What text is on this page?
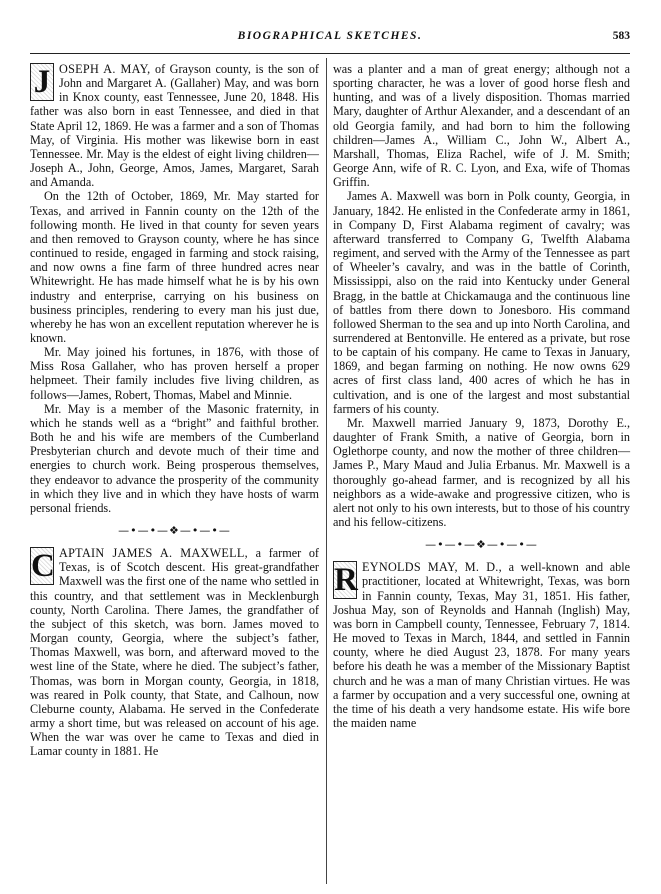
BIOGRAPHICAL SKETCHES.	583

J OSEPH A. MAY, of Grayson county, is the son of John and Margaret A. (Gallaher) May, and was born in Knox county, east Tennessee, June 20, 1848. His father was also born in east Tennessee, and died in that State April 12, 1869. He was a farmer and a son of Thomas May, of Virginia. His mother was likewise born in east Tennessee. Mr. May is the eldest of eight living children—Joseph A., John, George, Amos, James, Margaret, Sarah and Amanda.

On the 12th of October, 1869, Mr. May started for Texas, and arrived in Fannin county on the 12th of the following month. He lived in that county for seven years and then removed to Grayson county, where he has since continued to reside, engaged in farming and stock raising, and now owns a fine farm of three hundred acres near Whitewright. He has made himself what he is by his own industry and enterprise, carrying on his business on business principles, rendering to every man his just due, whereby he has won an excellent reputation wherever he is known.

Mr. May joined his fortunes, in 1876, with those of Miss Rosa Gallaher, who has proven herself a proper helpmeet. Their family includes five living children, as follows—James, Robert, Thomas, Mabel and Minnie.

Mr. May is a member of the Masonic fraternity, in which he stands well as a “bright” and faithful brother. Both he and his wife are members of the Cumberland Presbyterian church and devote much of their time and energies to church work. Being prosperous themselves, they endeavor to advance the prosperity of the community in which they live and in which they have hosts of warm personal friends.

—•—•—❖—•—•—

C APTAIN JAMES A. MAXWELL, a farmer of Texas, is of Scotch descent. His great-grandfather Maxwell was the first one of the name who settled in this country, and that settlement was in Mecklenburgh county, North Carolina. There James, the grandfather of the subject of this sketch, was born. James moved to Morgan county, Georgia, where the subject’s father, Thomas Maxwell, was born, and afterward moved to the west line of the State, where he died. The subject’s father, Thomas, was born in Morgan county, Georgia, in 1818, was reared in Polk county, that State, and Calhoun, now Cleburne county, Alabama. He served in the Confederate army a short time, but was released on account of his age. When the war was over he came to Texas and died in Lamar county in 1881. He

was a planter and a man of great energy; although not a sporting character, he was a lover of good horse flesh and hunting, and was of a lively disposition. Thomas married Mary, daughter of Arthur Alexander, and a descendant of an old Georgia family, and had born to him the following children—James A., William C., John W., Albert A., Marshall, Thomas, Eliza Rachel, wife of J. M. Smith; George Ann, wife of R. C. Lyon, and Exa, wife of Thomas Griffin.

James A. Maxwell was born in Polk county, Georgia, in January, 1842. He enlisted in the Confederate army in 1861, in Company D, First Alabama regiment of cavalry; was afterward transferred to Company G, Twelfth Alabama regiment, and served with the Army of the Tennessee as part of Wheeler’s cavalry, and was in the battle of Corinth, Mississippi, also on the raid into Kentucky under General Bragg, in the battle at Chickamauga and the continuous line of battles from there down to Jonesboro. His command followed Sherman to the sea and up into North Carolina, and surrendered at Bentonville. He entered as a private, but rose to be captain of his company. He came to Texas in January, 1869, and began farming on nothing. He now owns 629 acres of first class land, 400 acres of which he has in cultivation, and is one of the largest and most substantial farmers of his county.

Mr. Maxwell married January 9, 1873, Dorothy E., daughter of Frank Smith, a native of Georgia, born in Oglethorpe county, and now the mother of three children—James P., Mary Maud and Julia Erbanus. Mr. Maxwell is a thoroughly go-ahead farmer, and is recognized by all his neighbors as a wide-awake and progressive citizen, who is alert not only to his own interests, but to those of his country and his fellow-citizens.

—•—•—❖—•—•—

R EYNOLDS MAY, M. D., a well-known and able practitioner, located at Whitewright, Texas, was born in Fannin county, Texas, May 31, 1851. His father, Joshua May, son of Reynolds and Hannah (Inglish) May, was born in Campbell county, Tennessee, February 7, 1814. He moved to Texas in March, 1844, and settled in Fannin county, where he died August 23, 1878. For many years before his death he was a member of the Missionary Baptist church and he was a man of many Christian virtues. He was a farmer by occupation and a very successful one, owning at the time of his death a very handsome estate. His wife bore the maiden name
